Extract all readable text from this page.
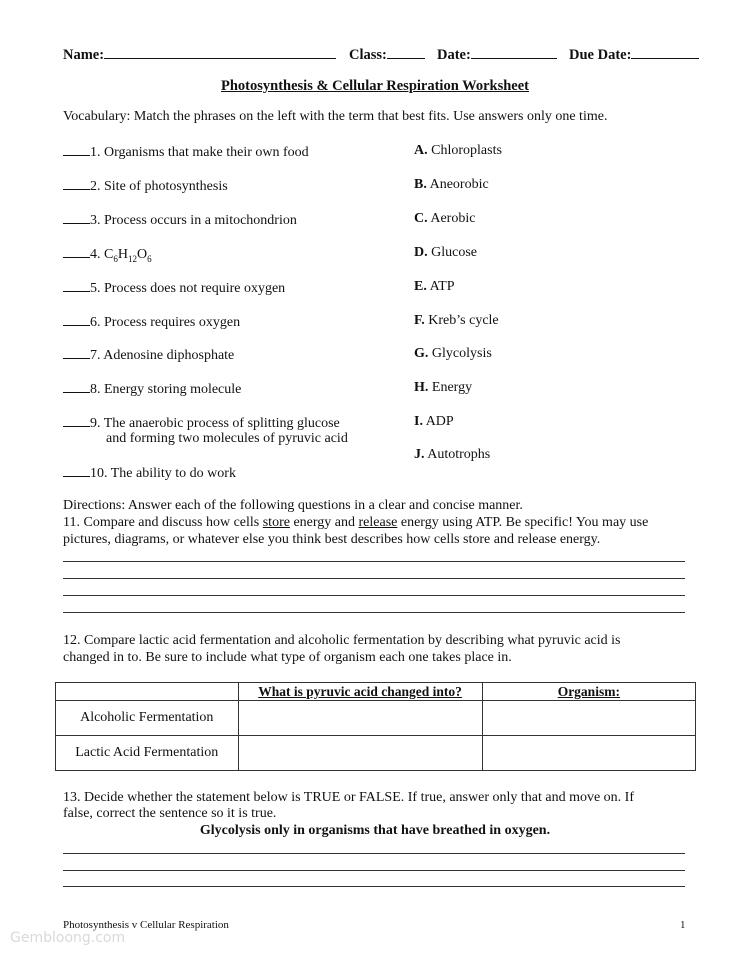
Name:	Class:	Date:	Due Date:
Photosynthesis & Cellular Respiration Worksheet
Vocabulary: Match the phrases on the left with the term that best fits. Use answers only one time.
1. Organisms that make their own food
2. Site of photosynthesis
3. Process occurs in a mitochondrion
4. $C_6H_{12}O_6$
5. Process does not require oxygen
6. Process requires oxygen
7. Adenosine diphosphate
8. Energy storing molecule
9. The anaerobic process of splitting glucose
and forming two molecules of pyruvic acid
10. The ability to do work
A. Chloroplasts
B. Aneorobic
C. Aerobic
D. Glucose
E. ATP
F. Kreb’s cycle
G. Glycolysis
H. Energy
I. ADP
J. Autotrophs
Directions: Answer each of the following questions in a clear and concise manner.
11. Compare and discuss how cells store energy and release energy using ATP. Be specific! You may use
pictures, diagrams, or whatever else you think best describes how cells store and release energy.
12. Compare lactic acid fermentation and alcoholic fermentation by describing what pyruvic acid is
changed in to. Be sure to include what type of organism each one takes place in.
	What is pyruvic acid changed into?	Organism:
Alcoholic Fermentation		
Lactic Acid Fermentation		
13. Decide whether the statement below is TRUE or FALSE. If true, answer only that and move on. If
false, correct the sentence so it is true.
Glycolysis only in organisms that have breathed in oxygen.
Photosynthesis v Cellular Respiration	1
Gembloong.com
